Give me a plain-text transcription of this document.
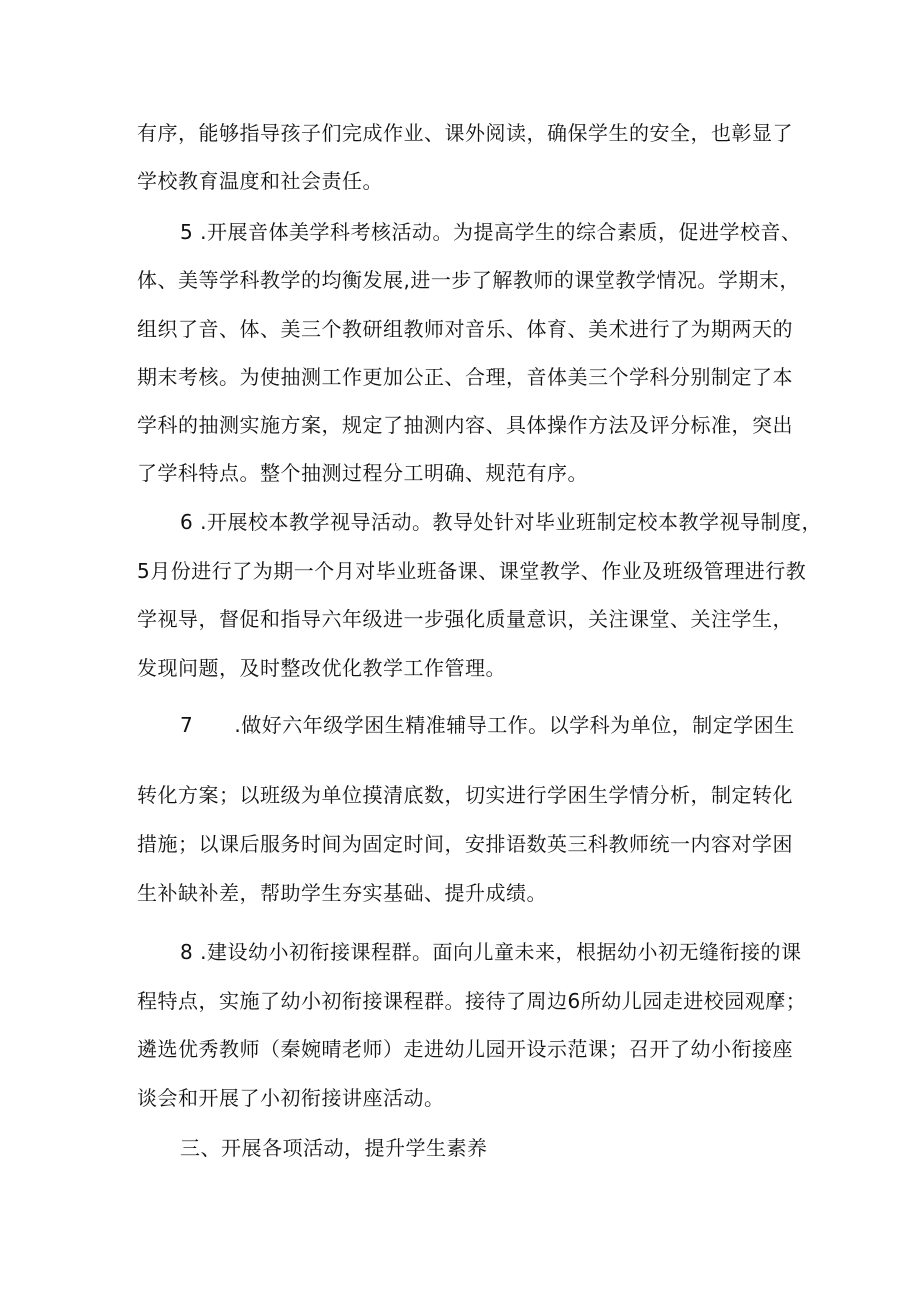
有序，能够指导孩子们完成作业、课外阅读，确保学生的安全，也彰显了
学校教育温度和社会责任。
5 .开展音体美学科考核活动。为提高学生的综合素质，促进学校音、
体、美等学科教学的均衡发展,进一步了解教师的课堂教学情况。学期末，
组织了音、体、美三个教研组教师对音乐、体育、美术进行了为期两天的
期末考核。为使抽测工作更加公正、合理，音体美三个学科分别制定了本
学科的抽测实施方案，规定了抽测内容、具体操作方法及评分标准，突出
了学科特点。整个抽测过程分工明确、规范有序。
6 .开展校本教学视导活动。教导处针对毕业班制定校本教学视导制度，
5月份进行了为期一个月对毕业班备课、课堂教学、作业及班级管理进行教
学视导，督促和指导六年级进一步强化质量意识，关注课堂、关注学生，
发现问题，及时整改优化教学工作管理。
7      .做好六年级学困生精准辅导工作。以学科为单位，制定学困生
转化方案；以班级为单位摸清底数，切实进行学困生学情分析，制定转化
措施；以课后服务时间为固定时间，安排语数英三科教师统一内容对学困
生补缺补差，帮助学生夯实基础、提升成绩。
8 .建设幼小初衔接课程群。面向儿童未来，根据幼小初无缝衔接的课
程特点，实施了幼小初衔接课程群。接待了周边6所幼儿园走进校园观摩；
遴选优秀教师（秦婉晴老师）走进幼儿园开设示范课；召开了幼小衔接座
谈会和开展了小初衔接讲座活动。
三、开展各项活动，提升学生素养
